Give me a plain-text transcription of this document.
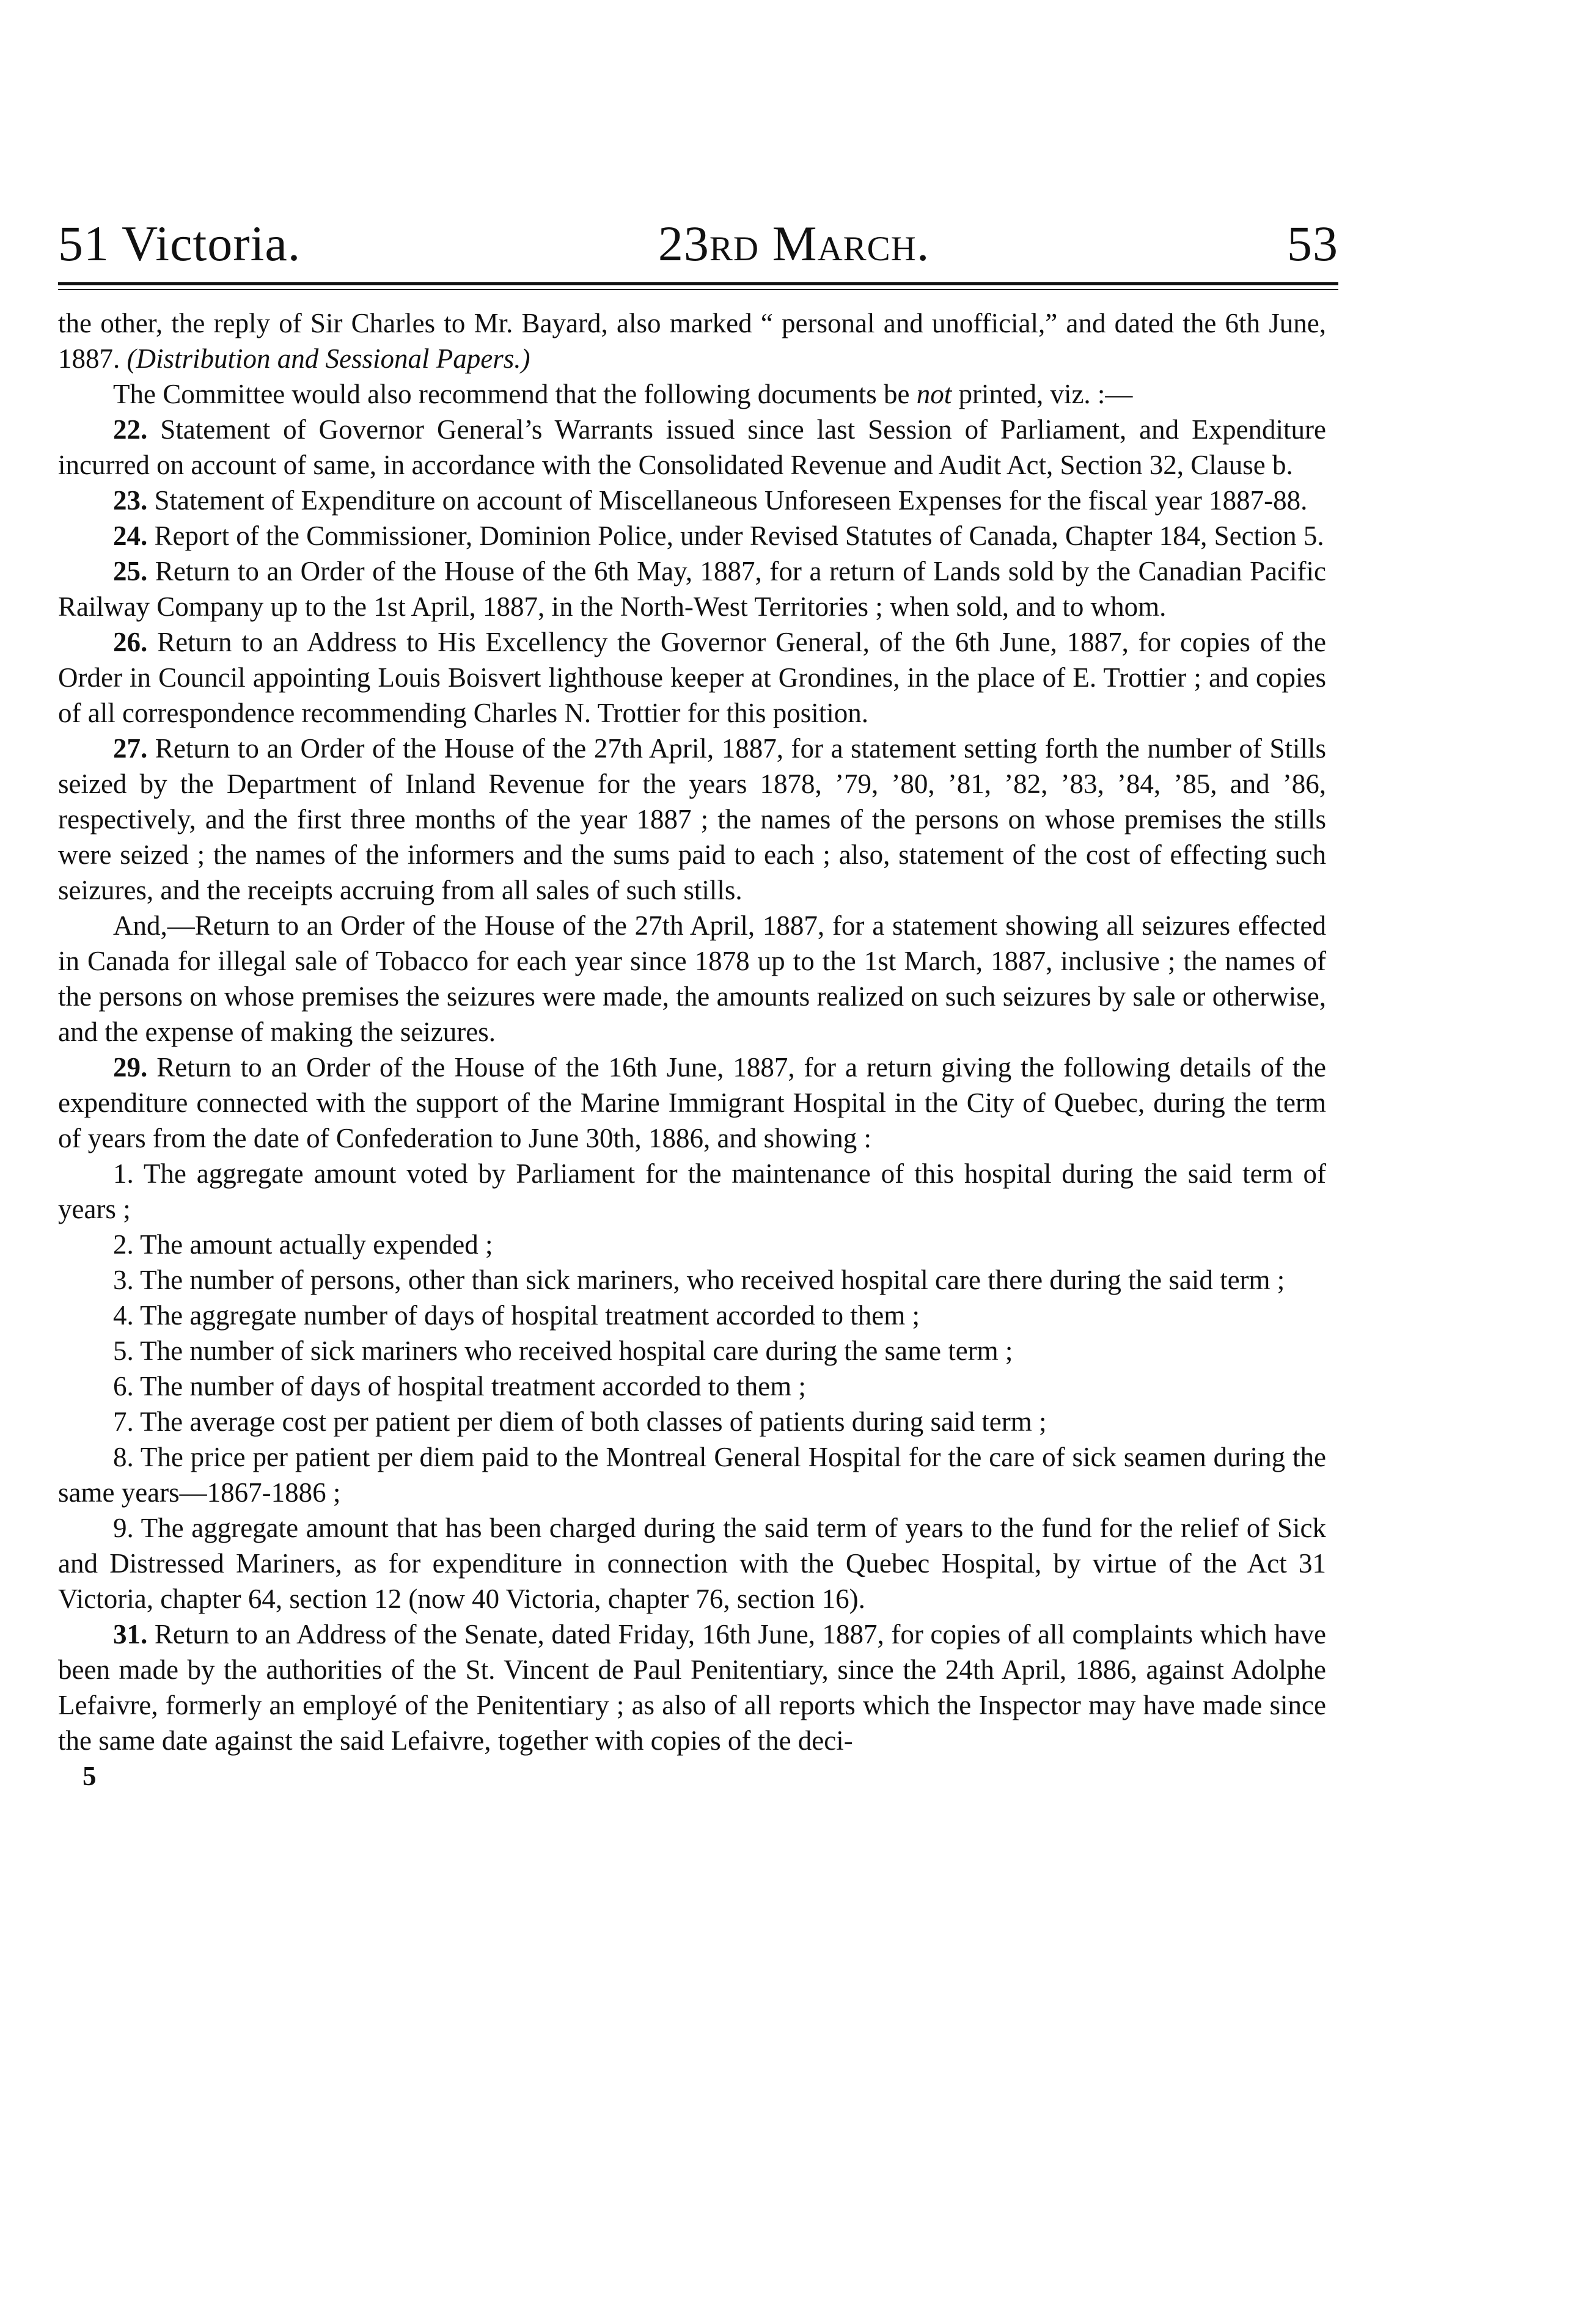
51 Victoria.	23rd March.	53

the other, the reply of Sir Charles to Mr. Bayard, also marked “ personal and unofficial,” and dated the 6th June, 1887. (Distribution and Sessional Papers.)

The Committee would also recommend that the following documents be not printed, viz. :—

22. Statement of Governor General’s Warrants issued since last Session of Parliament, and Expenditure incurred on account of same, in accordance with the Consolidated Revenue and Audit Act, Section 32, Clause b.

23. Statement of Expenditure on account of Miscellaneous Unforeseen Expenses for the fiscal year 1887-88.

24. Report of the Commissioner, Dominion Police, under Revised Statutes of Canada, Chapter 184, Section 5.

25. Return to an Order of the House of the 6th May, 1887, for a return of Lands sold by the Canadian Pacific Railway Company up to the 1st April, 1887, in the North-West Territories ; when sold, and to whom.

26. Return to an Address to His Excellency the Governor General, of the 6th June, 1887, for copies of the Order in Council appointing Louis Boisvert lighthouse keeper at Grondines, in the place of E. Trottier ; and copies of all correspondence recommending Charles N. Trottier for this position.

27. Return to an Order of the House of the 27th April, 1887, for a statement setting forth the number of Stills seized by the Department of Inland Revenue for the years 1878, ’79, ’80, ’81, ’82, ’83, ’84, ’85, and ’86, respectively, and the first three months of the year 1887 ; the names of the persons on whose premises the stills were seized ; the names of the informers and the sums paid to each ; also, statement of the cost of effecting such seizures, and the receipts accruing from all sales of such stills.

And,—Return to an Order of the House of the 27th April, 1887, for a statement showing all seizures effected in Canada for illegal sale of Tobacco for each year since 1878 up to the 1st March, 1887, inclusive ; the names of the persons on whose premises the seizures were made, the amounts realized on such seizures by sale or otherwise, and the expense of making the seizures.

29. Return to an Order of the House of the 16th June, 1887, for a return giving the following details of the expenditure connected with the support of the Marine Immigrant Hospital in the City of Quebec, during the term of years from the date of Confederation to June 30th, 1886, and showing :

1. The aggregate amount voted by Parliament for the maintenance of this hospital during the said term of years ;

2. The amount actually expended ;

3. The number of persons, other than sick mariners, who received hospital care there during the said term ;

4. The aggregate number of days of hospital treatment accorded to them ;

5. The number of sick mariners who received hospital care during the same term ;

6. The number of days of hospital treatment accorded to them ;

7. The average cost per patient per diem of both classes of patients during said term ;

8. The price per patient per diem paid to the Montreal General Hospital for the care of sick seamen during the same years—1867-1886 ;

9. The aggregate amount that has been charged during the said term of years to the fund for the relief of Sick and Distressed Mariners, as for expenditure in connection with the Quebec Hospital, by virtue of the Act 31 Victoria, chapter 64, section 12 (now 40 Victoria, chapter 76, section 16).

31. Return to an Address of the Senate, dated Friday, 16th June, 1887, for copies of all complaints which have been made by the authorities of the St. Vincent de Paul Penitentiary, since the 24th April, 1886, against Adolphe Lefaivre, formerly an employé of the Penitentiary ; as also of all reports which the Inspector may have made since the same date against the said Lefaivre, together with copies of the deci-

5
